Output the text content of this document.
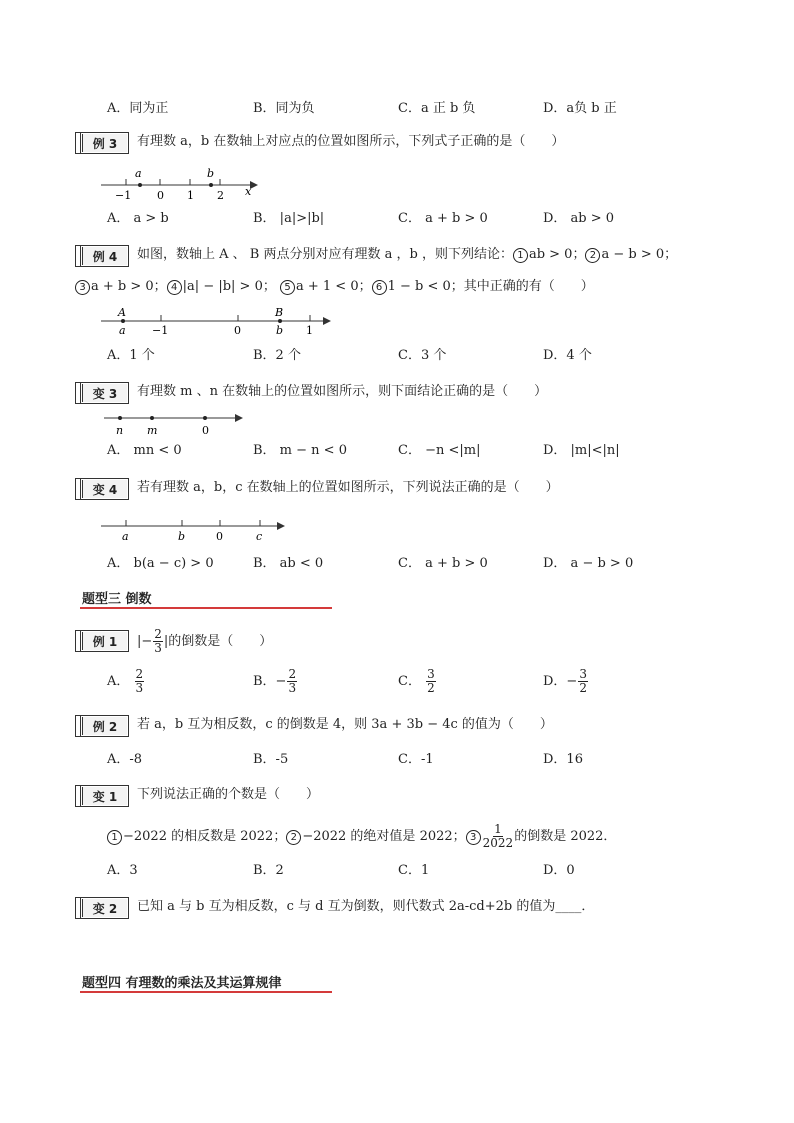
A．同为正	B．同为负	C．a 正 b 负	D．a负 b 正
例 3	有理数 a，b 在数轴上对应点的位置如图所示，下列式子正确的是（　　）
a	b
−1 0 1 2 x
A． a > b	B． |a|>|b|	C． a + b > 0	D． ab > 0
例 4	如图，数轴上 A 、 B 两点分别对应有理数 a ，b ，则下列结论： 1 ab > 0； 2 a − b > 0；
3 a + b > 0； 4 |a| − |b| > 0； 5 a + 1 < 0； 6 1 − b < 0；其中正确的有（　　）
A	B
a	b
−1	0	1
A．1 个	B．2 个	C．3 个	D．4 个
变 3	有理数 m 、n 在数轴上的位置如图所示，则下面结论正确的是（　　）
n m	0
A． mn < 0	B． m − n < 0	C． −n <|m|	D． |m|<|n|
变 4	若有理数 a，b，c 在数轴上的位置如图所示，下列说法正确的是（　　）
a	b	0	c
A． b(a − c) > 0	B． ab < 0	C． a + b > 0	D． a − b > 0
题型三 倒数
例 1	|− $\frac{2}{3}$ |的倒数是（　　）
A． $\frac{2}{3}$	B．− $\frac{2}{3}$	C． $\frac{3}{2}$	D．− $\frac{3}{2}$
例 2	若 a，b 互为相反数，c 的倒数是 4，则 3a + 3b − 4c 的值为（　　）
A．-8	B．-5	C．-1	D．16
变 1	下列说法正确的个数是（　　）
1 −2022 的相反数是 2022； 2 −2022 的绝对值是 2022； $3 \frac{1}{2022}$ 的倒数是 2022．
A．3	B．2	C．1	D．0
变 2	已知 a 与 b 互为相反数，c 与 d 互为倒数，则代数式 2a-cd+2b 的值为____．
题型四 有理数的乘法及其运算规律
